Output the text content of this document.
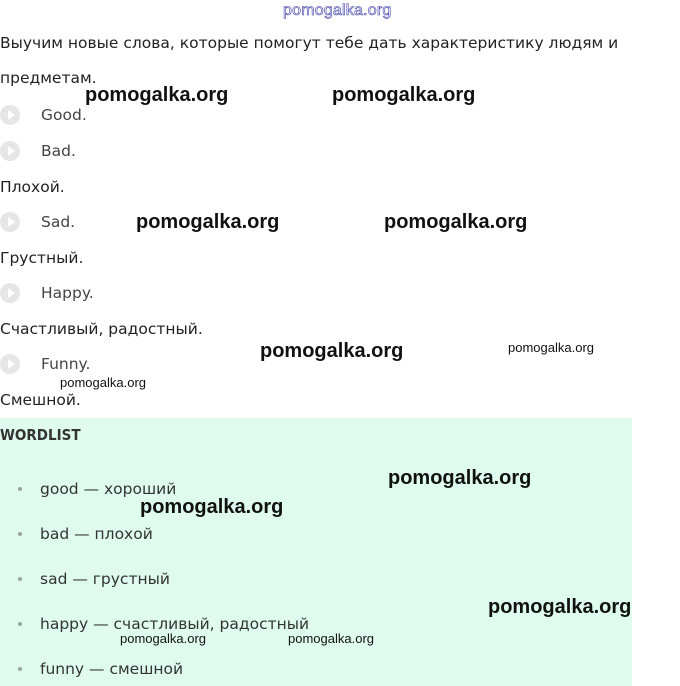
pomogalka.org
Выучим новые слова, которые помогут тебе дать характеристику людям и предметам.
Good.
Bad.
Плохой.
Sad.
Грустный.
Happy.
Счастливый, радостный.
Funny.
Смешной.
WORDLIST
good — хороший
bad — плохой
sad — грустный
happy — счастливый, радостный
funny — смешной
pomogalka.org	pomogalka.org
pomogalka.org	pomogalka.org
pomogalka.org	pomogalka.org
pomogalka.org
pomogalka.org
pomogalka.org
pomogalka.org
pomogalka.org	pomogalka.org
